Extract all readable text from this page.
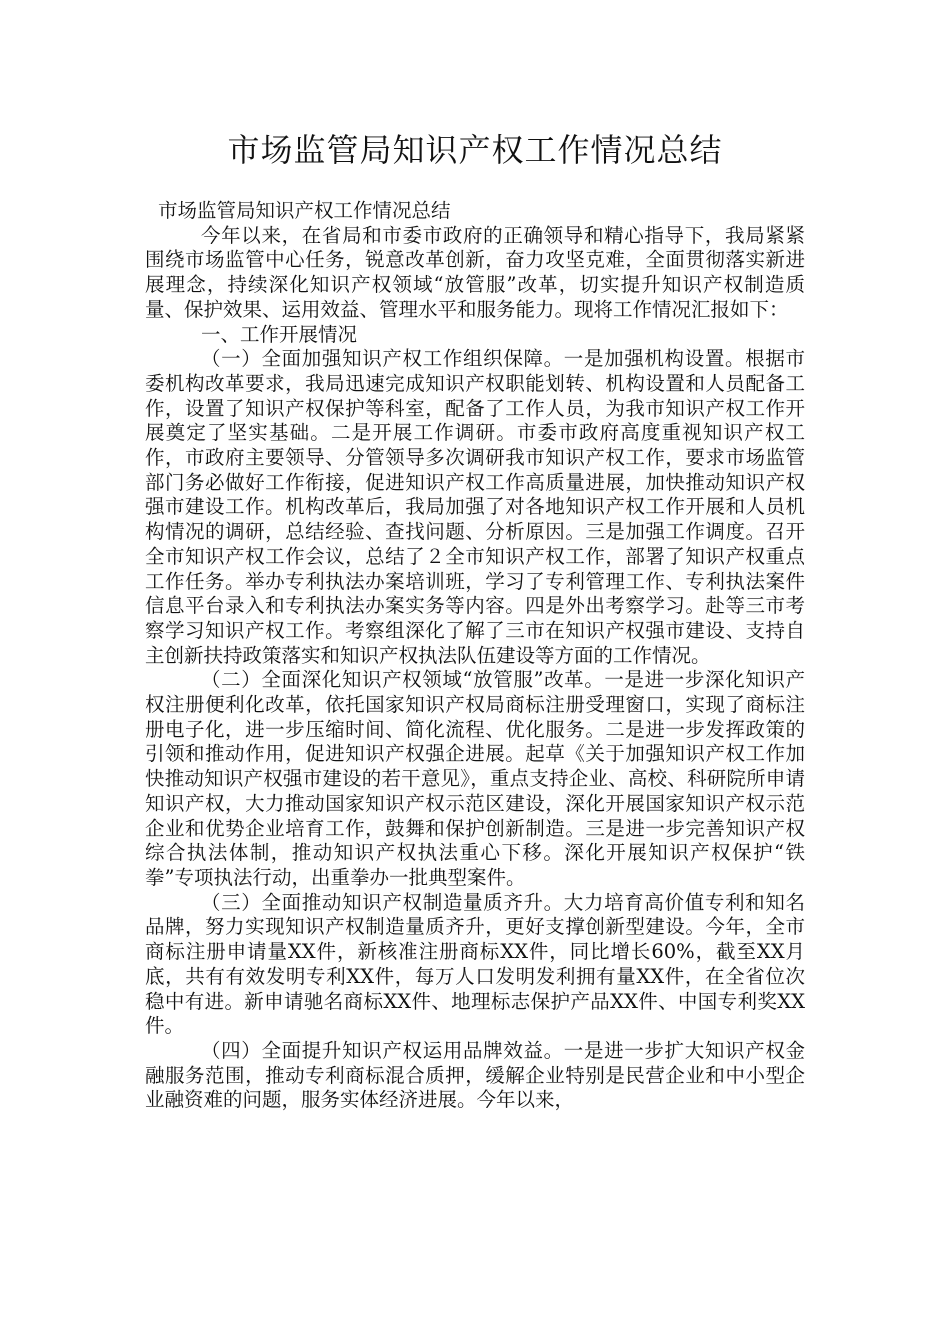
市场监管局知识产权工作情况总结

市场监管局知识产权工作情况总结

今年以来，在省局和市委市政府的正确领导和精心指导下，我局紧紧围绕市场监管中心任务，锐意改革创新，奋力攻坚克难，全面贯彻落实新进展理念，持续深化知识产权领域“放管服”改革，切实提升知识产权制造质量、保护效果、运用效益、管理水平和服务能力。现将工作情况汇报如下：

一、工作开展情况

（一）全面加强知识产权工作组织保障。一是加强机构设置。根据市委机构改革要求，我局迅速完成知识产权职能划转、机构设置和人员配备工作，设置了知识产权保护等科室，配备了工作人员，为我市知识产权工作开展奠定了坚实基础。二是开展工作调研。市委市政府高度重视知识产权工作，市政府主要领导、分管领导多次调研我市知识产权工作，要求市场监管部门务必做好工作衔接，促进知识产权工作高质量进展，加快推动知识产权强市建设工作。机构改革后，我局加强了对各地知识产权工作开展和人员机构情况的调研，总结经验、查找问题、分析原因。三是加强工作调度。召开全市知识产权工作会议，总结了２全市知识产权工作，部署了知识产权重点工作任务。举办专利执法办案培训班，学习了专利管理工作、专利执法案件信息平台录入和专利执法办案实务等内容。四是外出考察学习。赴等三市考察学习知识产权工作。考察组深化了解了三市在知识产权强市建设、支持自主创新扶持政策落实和知识产权执法队伍建设等方面的工作情况。

（二）全面深化知识产权领域“放管服”改革。一是进一步深化知识产权注册便利化改革，依托国家知识产权局商标注册受理窗口，实现了商标注册电子化，进一步压缩时间、简化流程、优化服务。二是进一步发挥政策的引领和推动作用，促进知识产权强企进展。起草《关于加强知识产权工作加快推动知识产权强市建设的若干意见》，重点支持企业、高校、科研院所申请知识产权，大力推动国家知识产权示范区建设，深化开展国家知识产权示范企业和优势企业培育工作，鼓舞和保护创新制造。三是进一步完善知识产权综合执法体制，推动知识产权执法重心下移。深化开展知识产权保护“铁拳”专项执法行动，出重拳办一批典型案件。

（三）全面推动知识产权制造量质齐升。大力培育高价值专利和知名品牌，努力实现知识产权制造量质齐升，更好支撑创新型建设。今年，全市商标注册申请量XX件，新核准注册商标XX件，同比增长60%，截至XX月底，共有有效发明专利XX件，每万人口发明发利拥有量XX件，在全省位次稳中有进。新申请驰名商标XX件、地理标志保护产品XX件、中国专利奖XX件。

（四）全面提升知识产权运用品牌效益。一是进一步扩大知识产权金融服务范围，推动专利商标混合质押，缓解企业特别是民营企业和中小型企业融资难的问题，服务实体经济进展。今年以来，
